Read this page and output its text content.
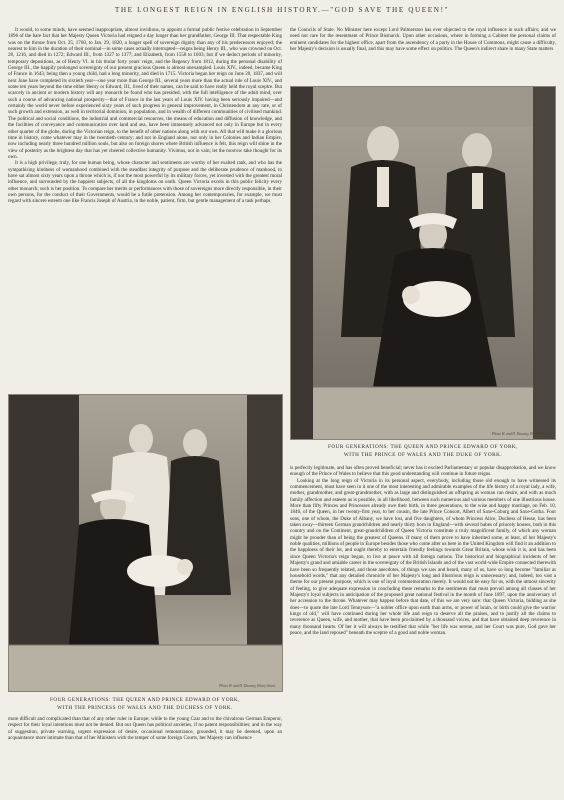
THE LONGEST REIGN IN ENGLISH HISTORY.—"GOD SAVE THE QUEEN!"

It would, to some minds, have seemed inappropriate, almost invidious, to appoint a formal public festive celebration in September 1896 of the bare fact that her Majesty Queen Victoria had reigned a day longer than her grandfather, George III. That respectable King was on the throne from Oct. 25, 1760, to Jan. 29, 1820, a longer spell of sovereign dignity than any of his predecessors enjoyed; the nearest to him in the duration of their nominal—in some cases actually interrupted—reigns being Henry III., who was crowned on Oct. 28, 1216, and died in 1272; Edward III., from 1327 to 1377; and Elizabeth, from 1558 to 1603; but if we deduct periods of minority, temporary depositions, as of Henry VI. in his titular forty years' reign, and the Regency from 1812, during the personal disability of George III., the happily prolonged sovereignty of our present gracious Queen is almost unexampled. Louis XIV., indeed, became King of France in 1643, being then a young child, had a long minority, and died in 1715. Victoria began her reign on June 20, 1837, and will next June have completed its sixtieth year—one year more than George III., several years more than the actual rule of Louis XIV., and some ten years beyond the time either Henry or Edward, III., lived of their names, can be said to have really held the royal sceptre. But scarcely in ancient or modern history will any monarch be found who has presided, with the full intelligence of the adult mind, over such a course of advancing national prosperity—that of France in the last years of Louis XIV. having been seriously impaired—and certainly the world never before experienced sixty years of such progress in general improvement, in Christendom at any rate, or of such growth and extension, as well in territorial dominion, in population, and in wealth of different communities of civilised mankind. The political and social conditions, the industrial and commercial resources, the means of education and diffusion of knowledge, and the facilities of conveyance and communication over land and sea, have been immensely advanced not only in Europe but in every other quarter of the globe, during the Victorian reign, to the benefit of other nations along with our own. All that will make it a glorious time in history, come whatever may in the twentieth century; and not in England alone, nor only in her Colonies and Indian Empire, now including nearly three hundred million souls, but also on foreign shores where British influence is felt, this reign will shine in the view of posterity as the brightest day that has yet cheered collective humanity. Vivimus, not in vain; let the morrow take thought for its own.

It is a high privilege, truly, for one human being, whose character and sentiments are worthy of her exalted rank, and who has the sympathising kindness of womanhood combined with the steadfast integrity of purpose and the deliberate prudence of manhood, to have sat almost sixty years upon a throne which is, if not the most powerful by its military forces, yet invested with the greatest moral influence, and surrounded by the happiest subjects, of all the kingdoms on earth. Queen Victoria excels in this public felicity every other monarch; such is her position. To compare her merits or performances with those of sovereigns more directly responsible, in their own persons, for the conduct of their Governments, would be a futile pretension. Among her contemporaries, for example, we must regard with sincere esteem one like Francis Joseph of Austria, in the noble, patient, firm, but gentle management of a task perhaps

the Councils of State. No Minister here except Lord Palmerston has ever objected to the royal influence in such affairs; and we need not care for the resentment of Prince Bismarck. Upon other occasions, where in forming a Cabinet the personal claims of eminent candidates for the highest office, apart from the ascendency of a party in the House of Commons, might cause a difficulty, her Majesty's decision is usually final, and this may have some effect on politics. The Queen's indirect share in many State matters

Photo W. and D. Downey, Ebury Street.
FOUR GENERATIONS: THE QUEEN AND PRINCE EDWARD OF YORK,
WITH THE PRINCE OF WALES AND THE DUKE OF YORK.

is perfectly legitimate, and has often proved beneficial; never has it excited Parliamentary or popular disapprobation, and we know enough of the Prince of Wales to believe that this good understanding will continue in future reigns.

Looking at the long reign of Victoria in its personal aspect, everybody, including those old enough to have witnessed its commencement, must have seen in it one of the most interesting and admirable examples of the life history of a royal lady, a wife, mother, grandmother, and great-grandmother, with as large and distinguished an offspring as woman can desire, and with as much family affection and esteem as is possible, in all likelihood, between such numerous and various members of one illustrious house. More than fifty Princes and Princesses already owe their birth, in three generations, to the wise and happy marriage, on Feb. 10, 1840, of the Queen, in her twenty-first year, to her cousin, the late Prince Consort, Albert of Saxe-Coburg and Saxe-Gotha. Four sons, one of whom, the Duke of Albany, we have lost, and five daughters, of whom Princess Alice, Duchess of Hesse, has been taken away—thirteen German grandchildren and nearly thirty born in England—with several babes of princely houses, both in this country and on the Continent, great-grandchildren of Queen Victoria constitute a truly magnificent family, of which any woman might be prouder than of being the greatest of Queens. If many of them prove to have inherited some, at least, of her Majesty's noble qualities, millions of people in Europe besides those who come after us here in the United Kingdom will find it an addition to the happiness of their lot, and ought thereby to entertain friendly feelings towards Great Britain, whose wish it is, and has been since Queen Victoria's reign began, to live at peace with all foreign nations. The historical and biographical incidents of her Majesty's grand and amiable career in the sovereignty of the British Islands and of the vast world-wide Empire connected therewith have been so frequently related, and those anecdotes, of things we saw and heard, many of us, have so long become "familiar as household words," that any detailed chronicle of her Majesty's long and illustrious reign is unnecessary; and, indeed, too vast a theme for our present purpose, which is one of loyal commemoration merely. It would not be easy for us, with the utmost sincerity of feeling, to give adequate expression in concluding these remarks to the sentiments that must prevail among all classes of her Majesty's loyal subjects in anticipation of the proposed great national festival in the month of June 1897, upon the anniversary of her accession to the throne. Whatever may happen before that date, of this we are very sure: that Queen Victoria, bidding as she does—to quote the late Lord Tennyson—"a nobler office upon earth than arms, or power of brain, or birth could give the warrior kings of old," will have continued during her whole life and reign to deserve all the praises, and to justify all the claims to reverence as Queen, wife, and mother, that have been proclaimed by a thousand voices, and that have obtained deep reverence in many thousand hearts. Of her it will always be testified that while "her life was serene, and her Court was pure, God gave her peace, and the land reposed" beneath the sceptre of a good and noble woman.

Photo W. and D. Downey, Ebury Street.
FOUR GENERATIONS: THE QUEEN AND PRINCE EDWARD OF YORK,
WITH THE PRINCESS OF WALES AND THE DUCHESS OF YORK.

more difficult and complicated than that of any other ruler in Europe; while to the young Czar and to the chivalrous German Emperor, respect for their loyal intentions must not be denied. But our Queen has political anxieties, if no patent responsibilities; and in the way of suggestion, private warning, urgent expression of desire, occasional remonstrance, grounded, it may be deemed, upon an acquaintance more intimate than that of her Ministers with the temper of some foreign Courts, her Majesty can influence
